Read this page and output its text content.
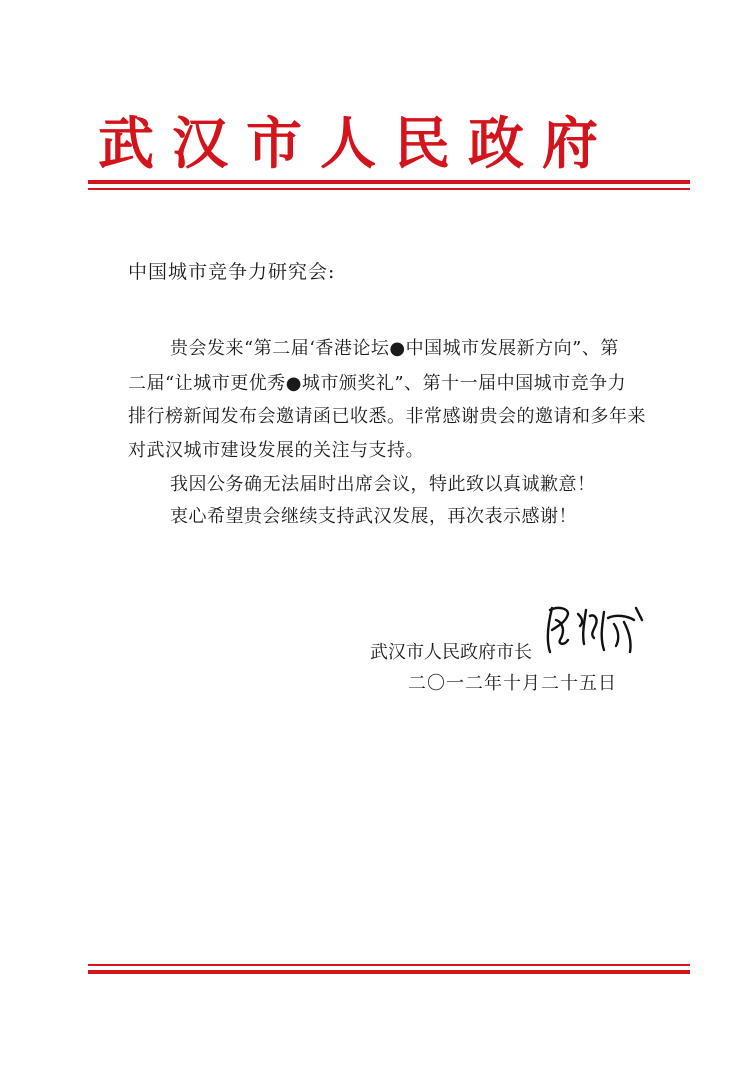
武汉市人民政府
中国城市竞争力研究会:
贵会发来“第二届‘香港论坛●中国城市发展新方向”、第
二届“让城市更优秀●城市颁奖礼”、第十一届中国城市竞争力
排行榜新闻发布会邀请函已收悉。非常感谢贵会的邀请和多年来
对武汉城市建设发展的关注与支持。
我因公务确无法届时出席会议，特此致以真诚歉意！
衷心希望贵会继续支持武汉发展，再次表示感谢！
武汉市人民政府市长
二〇一二年十月二十五日
